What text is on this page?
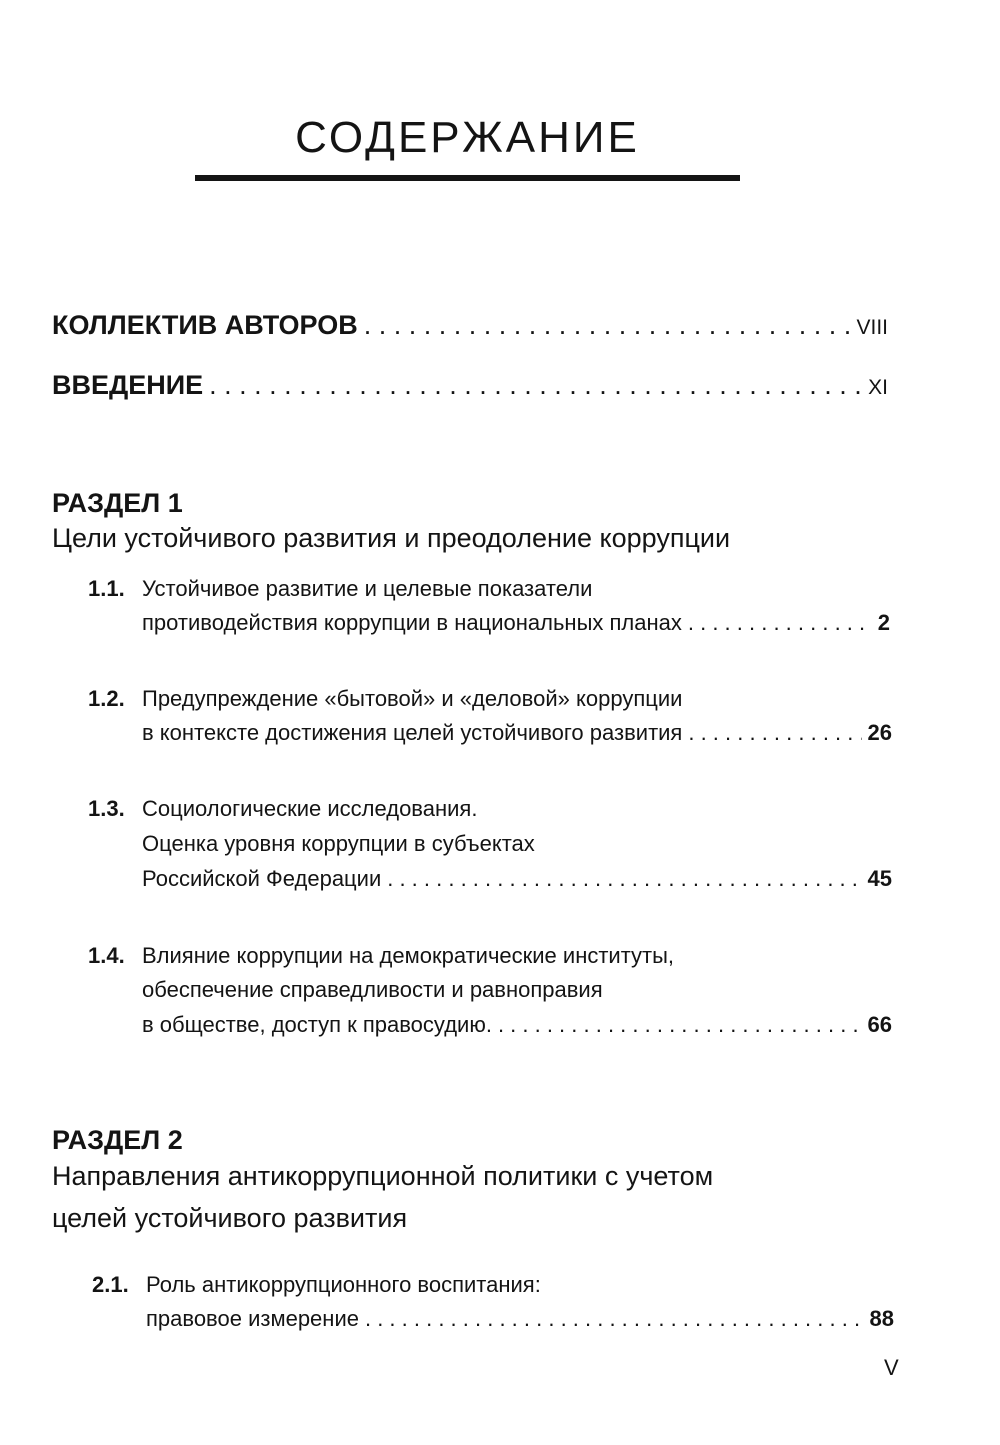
СОДЕРЖАНИЕ
КОЛЛЕКТИВ АВТОРОВ . . .	VIII
ВВЕДЕНИЕ . . .	XI
РАЗДЕЛ 1
Цели устойчивого развития и преодоление коррупции
1.1. Устойчивое развитие и целевые показатели
противодействия коррупции в национальных планах . . .	2
1.2. Предупреждение «бытовой» и «деловой» коррупции
в контексте достижения целей устойчивого развития . . .	26
1.3. Социологические исследования.
Оценка уровня коррупции в субъектах
Российской Федерации . . .	45
1.4. Влияние коррупции на демократические институты,
обеспечение справедливости и равноправия
в обществе, доступ к правосудию. . . .	66
РАЗДЕЛ 2
Направления антикоррупционной политики с учетом
целей устойчивого развития
2.1. Роль антикоррупционного воспитания:
правовое измерение . . .	88
V
